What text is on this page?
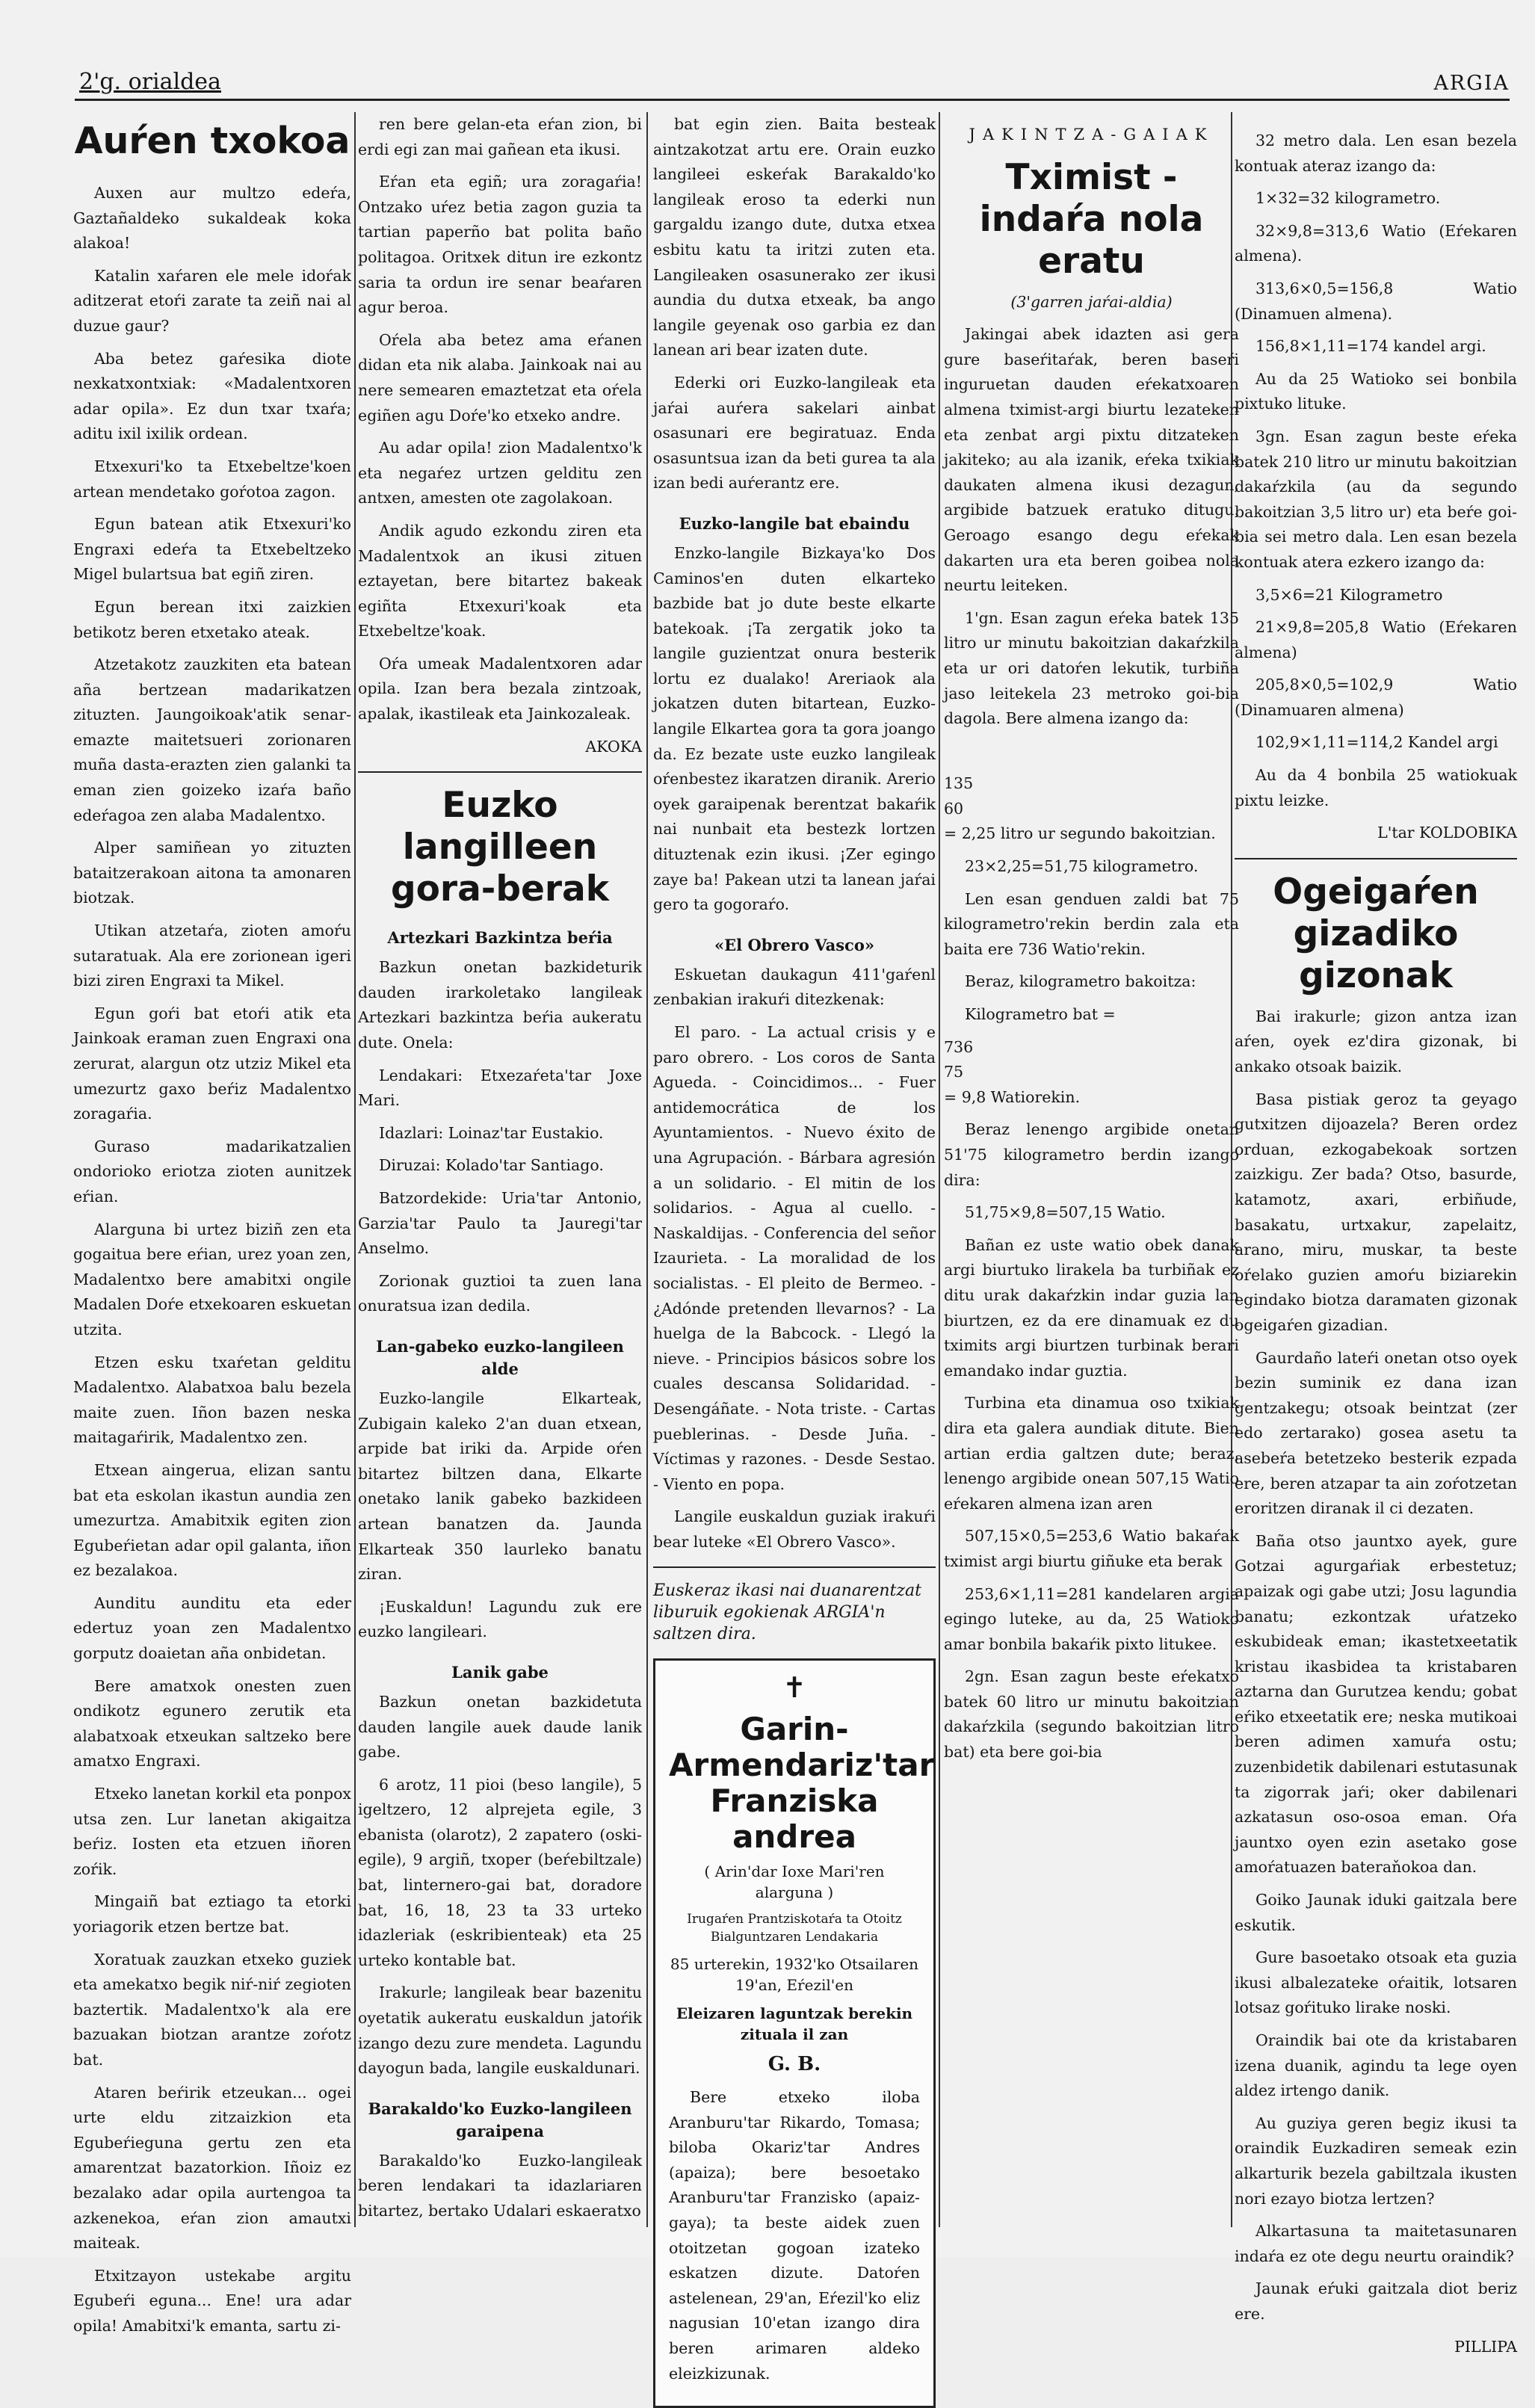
2'g. orialdea	ARGIA
Auŕen txokoa

Auxen aur multzo edeŕa, Gaztañaldeko sukaldeak koka alakoa!

Katalin xaŕaren ele mele idoŕak aditzerat etoŕi zarate ta zeiñ nai al duzue gaur?

Aba betez gaŕesika diote nexkatxontxiak: «Madalentxoren adar opila». Ez dun txar txaŕa; aditu ixil ixilik ordean.

Etxexuri'ko ta Etxebeltze'koen artean mendetako goŕotoa zagon.

Egun batean atik Etxexuri'ko Engraxi edeŕa ta Etxebeltzeko Migel bulartsua bat egiñ ziren.

Egun berean itxi zaizkien betikotz beren etxetako ateak.

Atzetakotz zauzkiten eta batean aña bertzean madarikatzen zituzten. Jaungoikoak'atik senar-emazte maitetsueri zorionaren muña dasta-erazten zien galanki ta eman zien goizeko izaŕa baño edeŕagoa zen alaba Madalentxo.

Alper samiñean yo zituzten bataitzerakoan aitona ta amonaren biotzak.

Utikan atzetaŕa, zioten amoŕu sutaratuak. Ala ere zorionean igeri bizi ziren Engraxi ta Mikel.

Egun goŕi bat etoŕi atik eta Jainkoak eraman zuen Engraxi ona zerurat, alargun otz utziz Mikel eta umezurtz gaxo beŕiz Madalentxo zoragaŕia.

Guraso madarikatzalien ondorioko eriotza zioten aunitzek eŕian.

Alarguna bi urtez biziñ zen eta gogaitua bere eŕian, urez yoan zen, Madalentxo bere amabitxi ongile Madalen Doŕe etxekoaren eskuetan utzita.

Etzen esku txaŕetan gelditu Madalentxo. Alabatxoa balu bezela maite zuen. Iñon bazen neska maitagaŕirik, Madalentxo zen.

Etxean aingerua, elizan santu bat eta eskolan ikastun aundia zen umezurtza. Amabitxik egiten zion Egubeŕietan adar opil galanta, iñon ez bezalakoa.

Aunditu aunditu eta eder edertuz yoan zen Madalentxo gorputz doaietan aña onbidetan.

Bere amatxok onesten zuen ondikotz egunero zerutik eta alabatxoak etxeukan saltzeko bere amatxo Engraxi.

Etxeko lanetan korkil eta ponpox utsa zen. Lur lanetan akigaitza beŕiz. Iosten eta etzuen iñoren zoŕik.

Mingaiñ bat eztiago ta etorki yoriagorik etzen bertze bat.

Xoratuak zauzkan etxeko guziek eta amekatxo begik niŕ-niŕ zegioten baztertik. Madalentxo'k ala ere bazuakan biotzan arantze zoŕotz bat.

Ataren beŕirik etzeukan... ogei urte eldu zitzaizkion eta Egubeŕieguna gertu zen eta amarentzat bazatorkion. Iñoiz ez bezalako adar opila aurtengoa ta azkenekoa, eŕan zion amautxi maiteak.

Etxitzayon ustekabe argitu Egubeŕi eguna... Ene! ura adar opila! Amabitxi'k emanta, sartu zi-

ren bere gelan-eta eŕan zion, bi erdi egi zan mai gañean eta ikusi.

Eŕan eta egiñ; ura zoragaŕia! Ontzako uŕez betia zagon guzia ta tartian paperño bat polita baño politagoa. Oritxek ditun ire ezkontz saria ta ordun ire senar beaŕaren agur beroa.

Oŕela aba betez ama eŕanen didan eta nik alaba. Jainkoak nai au nere semearen emaztetzat eta oŕela egiñen agu Doŕe'ko etxeko andre.

Au adar opila! zion Madalentxo'k eta negaŕez urtzen gelditu zen antxen, amesten ote zagolakoan.

Andik agudo ezkondu ziren eta Madalentxok an ikusi zituen eztayetan, bere bitartez bakeak egiñta Etxexuri'koak eta Etxebeltze'koak.

Oŕa umeak Madalentxoren adar opila. Izan bera bezala zintzoak, apalak, ikastileak eta Jainkozaleak.

AKOKA

Euzko langilleen gora-berak
Artezkari Bazkintza beŕia

Bazkun onetan bazkideturik dauden irarkoletako langileak Artezkari bazkintza beŕia aukeratu dute. Onela:

Lendakari: Etxezaŕeta'tar Joxe Mari.

Idazlari: Loinaz'tar Eustakio.

Diruzai: Kolado'tar Santiago.

Batzordekide: Uria'tar Antonio, Garzia'tar Paulo ta Jauregi'tar Anselmo.

Zorionak guztioi ta zuen lana onuratsua izan dedila.

Lan-gabeko euzko-langileen alde

Euzko-langile Elkarteak, Zubigain kaleko 2'an duan etxean, arpide bat iriki da. Arpide oŕen bitartez biltzen dana, Elkarte onetako lanik gabeko bazkideen artean banatzen da. Jaunda Elkarteak 350 laurleko banatu ziran.

¡Euskaldun! Lagundu zuk ere euzko langileari.

Lanik gabe

Bazkun onetan bazkidetuta dauden langile auek daude lanik gabe.

6 arotz, 11 pioi (beso langile), 5 igeltzero, 12 alprejeta egile, 3 ebanista (olarotz), 2 zapatero (oski-egile), 9 argiñ, txoper (beŕebiltzale) bat, linternero-gai bat, doradore bat, 16, 18, 23 ta 33 urteko idazleriak (eskribienteak) eta 25 urteko kontable bat.

Irakurle; langileak bear bazenitu oyetatik aukeratu euskaldun jatoŕik izango dezu zure mendeta. Lagundu dayogun bada, langile euskaldunari.

Barakaldo'ko Euzko-langileen garaipena

Barakaldo'ko Euzko-langileak beren lendakari ta idazlariaren bitartez, bertako Udalari eskaeratxo

bat egin zien. Baita besteak aintzakotzat artu ere. Orain euzko langileei eskeŕak Barakaldo'ko langileak eroso ta ederki nun gargaldu izango dute, dutxa etxea esbitu katu ta iritzi zuten eta. Langileaken osasunerako zer ikusi aundia du dutxa etxeak, ba ango langile geyenak oso garbia ez dan lanean ari bear izaten dute.

Ederki ori Euzko-langileak eta jaŕai auŕera sakelari ainbat osasunari ere begiratuaz. Enda osasuntsua izan da beti gurea ta ala izan bedi auŕerantz ere.

Euzko-langile bat ebaindu

Enzko-langile Bizkaya'ko Dos Caminos'en duten elkarteko bazbide bat jo dute beste elkarte batekoak. ¡Ta zergatik joko ta langile guzientzat onura besterik lortu ez dualako! Areriaok ala jokatzen duten bitartean, Euzko-langile Elkartea gora ta gora joango da. Ez bezate uste euzko langileak oŕenbestez ikaratzen diranik. Arerio oyek garaipenak berentzat bakaŕik nai nunbait eta bestezk lortzen dituztenak ezin ikusi. ¡Zer egingo zaye ba! Pakean utzi ta lanean jaŕai gero ta gogoraŕo.

«El Obrero Vasco»

Eskuetan daukagun 411'gaŕenl zenbakian irakuŕi ditezkenak:

El paro. - La actual crisis y e paro obrero. - Los coros de Santa Agueda. - Coincidimos... - Fuer antidemocrática de los Ayuntamientos. - Nuevo éxito de una Agrupación. - Bárbara agresión a un solidario. - El mitin de los solidarios. - Agua al cuello. - Naskaldijas. - Conferencia del señor Izaurieta. - La moralidad de los socialistas. - El pleito de Bermeo. - ¿Adónde pretenden llevarnos? - La huelga de la Babcock. - Llegó la nieve. - Principios básicos sobre los cuales descansa Solidaridad. - Desengáñate. - Nota triste. - Cartas pueblerinas. - Desde Juña. - Víctimas y razones. - Desde Sestao. - Viento en popa.

Langile euskaldun guziak irakuŕi bear luteke «El Obrero Vasco».

Euskeraz ikasi nai duanarentzat liburuik egokienak ARGIA'n saltzen dira.
✝
Garin-Armendariz'tar Franziska andrea

( Arin'dar Ioxe Mari'ren alarguna )

Irugaŕen Prantziskotaŕa ta Otoitz Bialguntzaren Lendakaria

85 urterekin, 1932'ko Otsailaren 19'an, Eŕezil'en

Eleizaren laguntzak berekin zituala il zan

G. B.

Bere etxeko iloba Aranburu'tar Rikardo, Tomasa; biloba Okariz'tar Andres (apaiza); bere besoetako Aranburu'tar Franzisko (apaiz-gaya); ta beste aidek zuen otoitzetan gogoan izateko eskatzen dizute. Datoŕen astelenean, 29'an, Eŕezil'ko eliz nagusian 10'etan izango dira beren arimaren aldeko eleizkizunak.

JAKINTZA-GAIAK
Tximist - indaŕa nola eratu

(3'garren jaŕai-aldia)

Jakingai abek idazten asi gera gure baseŕitaŕak, beren baseŕi inguruetan dauden eŕekatxoaren almena tximist-argi biurtu lezateken eta zenbat argi pixtu ditzateken jakiteko; au ala izanik, eŕeka txikiak daukaten almena ikusi dezagun, argibide batzuek eratuko ditugu. Geroago esango degu eŕekak dakarten ura eta beren goibea nola neurtu leiteken.

1'gn. Esan zagun eŕeka batek 135 litro ur minutu bakoitzian dakaŕzkila eta ur ori datoŕen lekutik, turbiña jaso leitekela 23 metroko goi-bia dagola. Bere almena izango da:

135
60
= 2,25 litro ur segundo bakoitzian.

23×2,25=51,75 kilogrametro.

Len esan genduen zaldi bat 75 kilogrametro'rekin berdin zala eta baita ere 736 Watio'rekin.

Beraz, kilogrametro bakoitza:

Kilogrametro bat =

736
75
= 9,8 Watiorekin.

Beraz lenengo argibide onetan 51'75 kilogrametro berdin izango dira:

51,75×9,8=507,15 Watio.

Bañan ez uste watio obek danak argi biurtuko lirakela ba turbiñak ez ditu urak dakaŕzkin indar guzia lan biurtzen, ez da ere dinamuak ez du tximits argi biurtzen turbinak berari emandako indar guztia.

Turbina eta dinamua oso txikiak dira eta galera aundiak ditute. Bien artian erdia galtzen dute; beraz, lenengo argibide onean 507,15 Watio eŕekaren almena izan aren

507,15×0,5=253,6 Watio bakaŕak tximist argi biurtu giñuke eta berak

253,6×1,11=281 kandelaren argia egingo luteke, au da, 25 Watioko amar bonbila bakaŕik pixto litukee.

2gn. Esan zagun beste eŕekatxo batek 60 litro ur minutu bakoitzian dakaŕzkila (segundo bakoitzian litro bat) eta bere goi-bia

32 metro dala. Len esan bezela kontuak ateraz izango da:

1×32=32 kilogrametro.

32×9,8=313,6 Watio (Eŕekaren almena).

313,6×0,5=156,8 Watio (Dinamuen almena).

156,8×1,11=174 kandel argi.

Au da 25 Watioko sei bonbila pixtuko lituke.

3gn. Esan zagun beste eŕeka batek 210 litro ur minutu bakoitzian dakaŕzkila (au da segundo bakoitzian 3,5 litro ur) eta beŕe goi-bia sei metro dala. Len esan bezela kontuak atera ezkero izango da:

3,5×6=21 Kilogrametro

21×9,8=205,8 Watio (Eŕekaren almena)

205,8×0,5=102,9 Watio (Dinamuaren almena)

102,9×1,11=114,2 Kandel argi

Au da 4 bonbila 25 watiokuak pixtu leizke.

L'tar KOLDOBIKA

Ogeigaŕen gizadiko gizonak

Bai irakurle; gizon antza izan aŕen, oyek ez'dira gizonak, bi ankako otsoak baizik.

Basa pistiak geroz ta geyago gutxitzen dijoazela? Beren ordez orduan, ezkogabekoak sortzen zaizkigu. Zer bada? Otso, basurde, katamotz, axari, erbiñude, basakatu, urtxakur, zapelaitz, arano, miru, muskar, ta beste oŕelako guzien amoŕu biziarekin egindako biotza daramaten gizonak ogeigaŕen gizadian.

Gaurdaño lateŕi onetan otso oyek bezin suminik ez dana izan gentzakegu; otsoak beintzat (zer edo zertarako) gosea asetu ta asebeŕa betetzeko besterik ezpada ere, beren atzapar ta ain zoŕotzetan eroritzen diranak il ci dezaten.

Baña otso jauntxo ayek, gure Gotzai agurgaŕiak erbestetuz; apaizak ogi gabe utzi; Josu lagundia banatu; ezkontzak uŕatzeko eskubideak eman; ikastetxeetatik kristau ikasbidea ta kristabaren aztarna dan Gurutzea kendu; gobat eŕiko etxeetatik ere; neska mutikoai beren adimen xamuŕa ostu; zuzenbidetik dabilenari estutasunak ta zigorrak jaŕi; oker dabilenari azkatasun oso-osoa eman. Oŕa jauntxo oyen ezin asetako gose amoŕatuazen bateraňokoa dan.

Goiko Jaunak iduki gaitzala bere eskutik.

Gure basoetako otsoak eta guzia ikusi albalezateke oŕaitik, lotsaren lotsaz goŕituko lirake noski.

Oraindik bai ote da kristabaren izena duanik, agindu ta lege oyen aldez irtengo danik.

Au guziya geren begiz ikusi ta oraindik Euzkadiren semeak ezin alkarturik bezela gabiltzala ikusten nori ezayo biotza lertzen?

Alkartasuna ta maitetasunaren indaŕa ez ote degu neurtu oraindik?

Jaunak eŕuki gaitzala diot beriz ere.

PILLIPA
